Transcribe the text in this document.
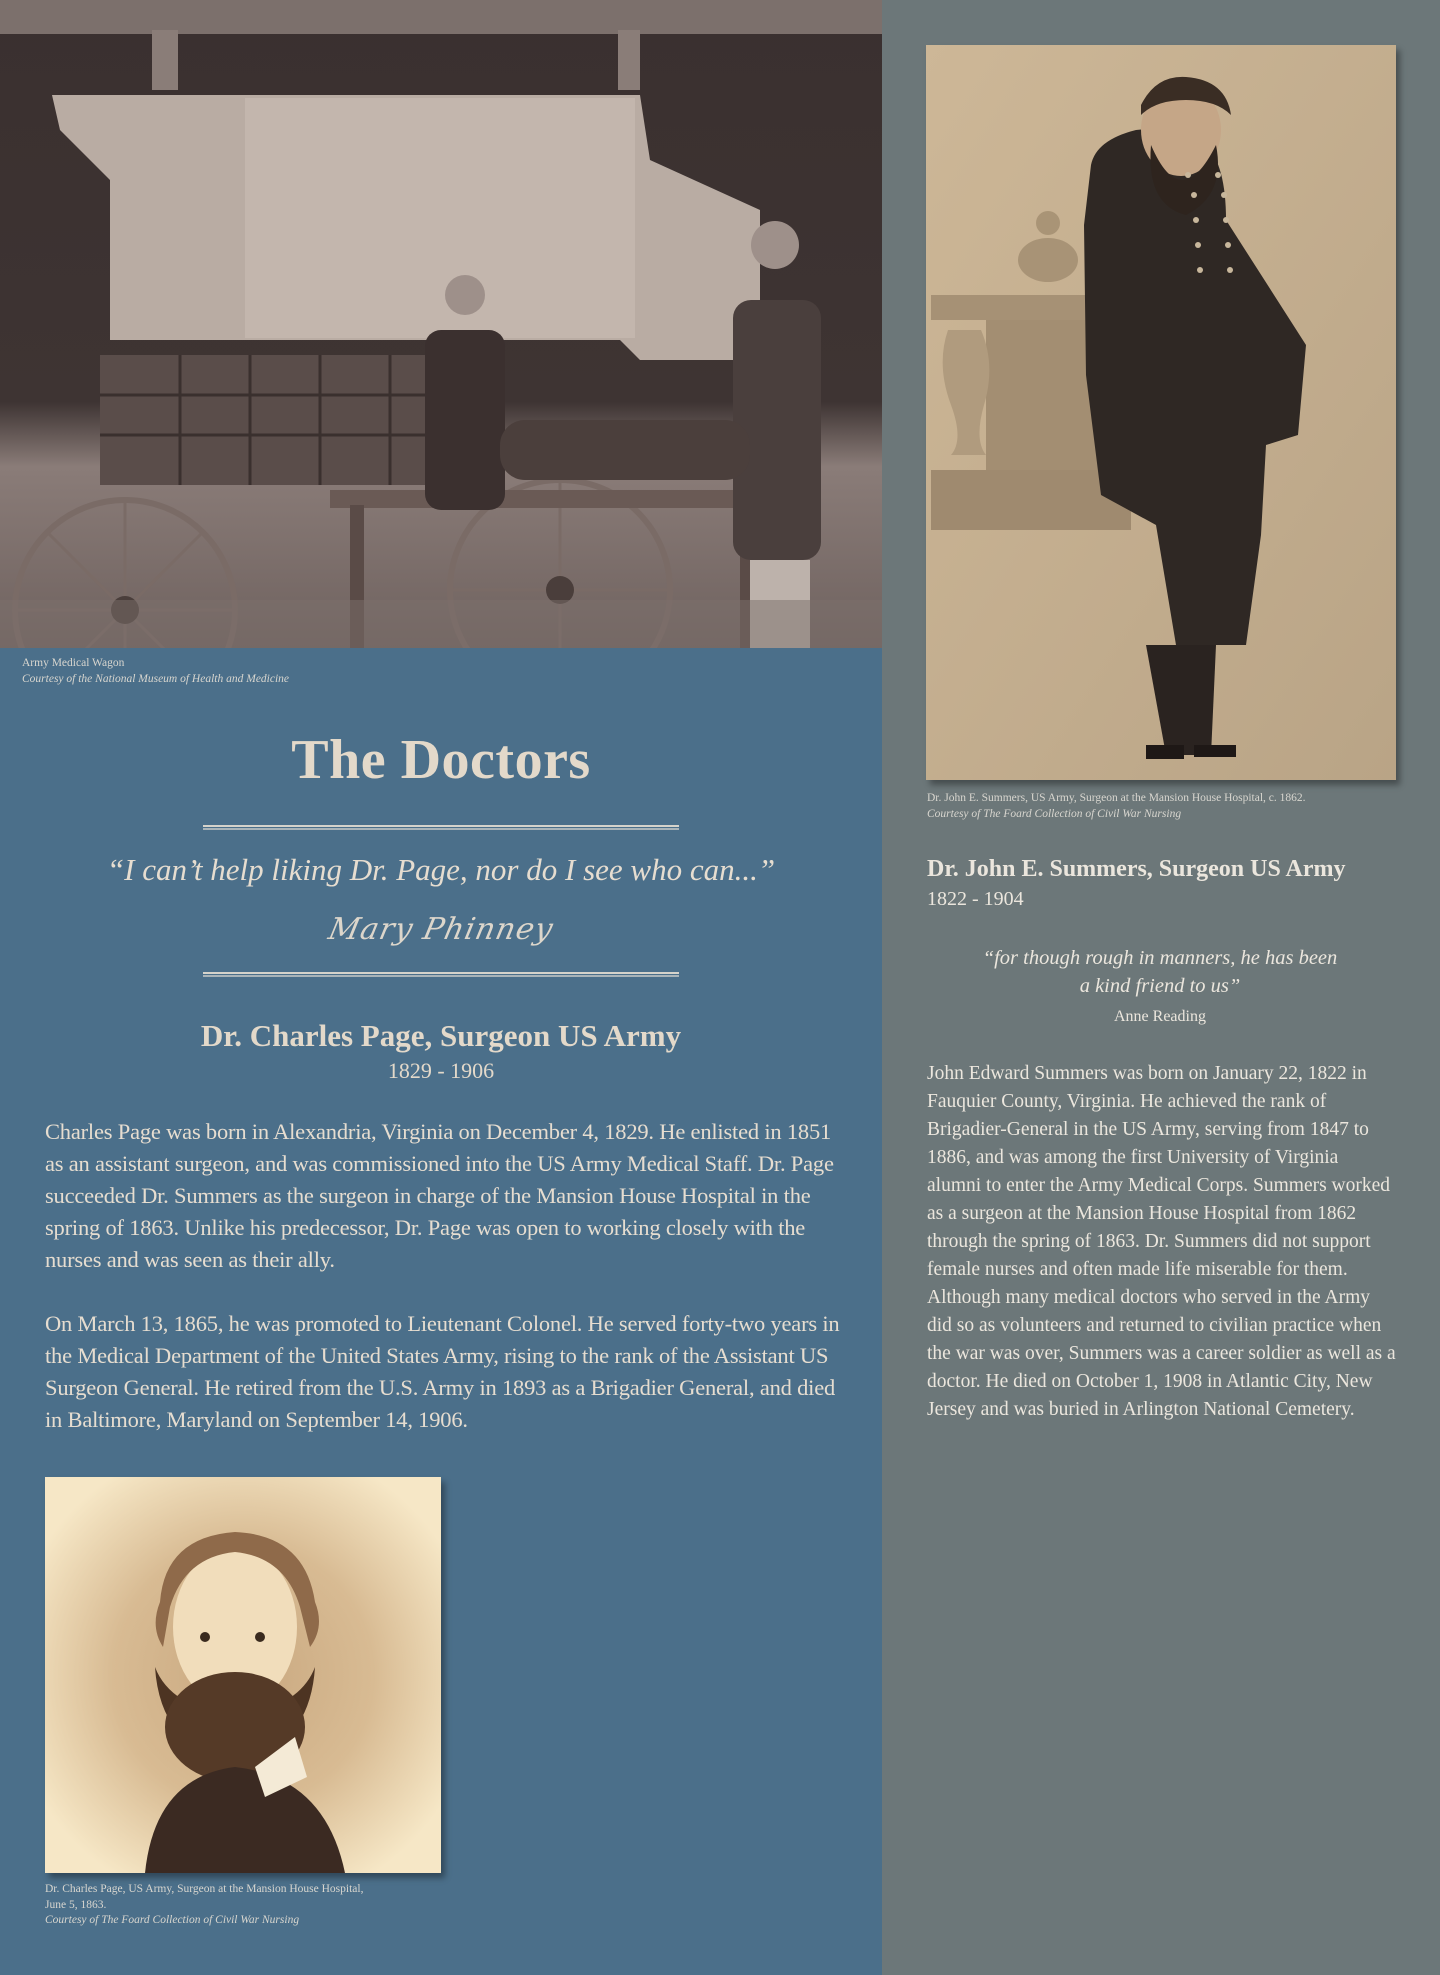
Army Medical Wagon
Courtesy of the National Museum of Health and Medicine
The Doctors
“I can’t help liking Dr. Page, nor do I see who can...”
Mary Phinney
Dr. Charles Page, Surgeon US Army
1829 - 1906

Charles Page was born in Alexandria, Virginia on December 4, 1829. He enlisted in 1851 as an assistant surgeon, and was commissioned into the US Army Medical Staff. Dr. Page succeeded Dr. Summers as the surgeon in charge of the Mansion House Hospital in the spring of 1863. Unlike his predecessor, Dr. Page was open to working closely with the nurses and was seen as their ally.

On March 13, 1865, he was promoted to Lieutenant Colonel. He served forty-two years in the Medical Department of the United States Army, rising to the rank of the Assistant US Surgeon General. He retired from the U.S. Army in 1893 as a Brigadier General, and died in Baltimore, Maryland on September 14, 1906.

Dr. Charles Page, US Army, Surgeon at the Mansion House Hospital,
June 5, 1863.
Courtesy of The Foard Collection of Civil War Nursing
Dr. John E. Summers, US Army, Surgeon at the Mansion House Hospital, c. 1862.
Courtesy of The Foard Collection of Civil War Nursing
Dr. John E. Summers, Surgeon US Army
1822 - 1904
“for though rough in manners, he has been
a kind friend to us”
Anne Reading

John Edward Summers was born on January 22, 1822 in Fauquier County, Virginia. He achieved the rank of Brigadier-General in the US Army, serving from 1847 to 1886, and was among the first University of Virginia alumni to enter the Army Medical Corps. Summers worked as a surgeon at the Mansion House Hospital from 1862 through the spring of 1863. Dr. Summers did not support female nurses and often made life miserable for them. Although many medical doctors who served in the Army did so as volunteers and returned to civilian practice when the war was over, Summers was a career soldier as well as a doctor. He died on October 1, 1908 in Atlantic City, New Jersey and was buried in Arlington National Cemetery.
